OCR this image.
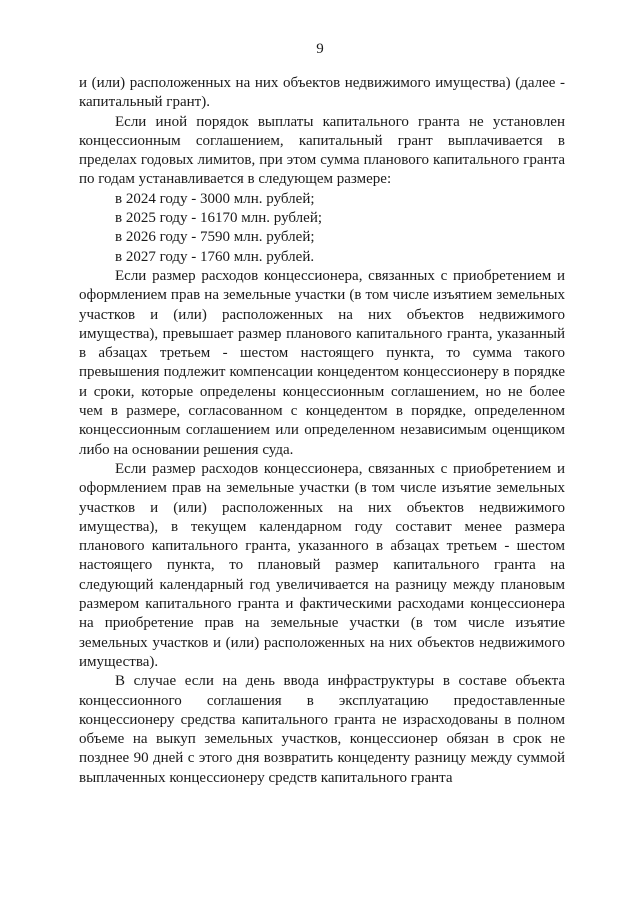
9

и (или) расположенных на них объектов недвижимого имущества) (далее - капитальный грант).

Если иной порядок выплаты капитального гранта не установлен концессионным соглашением, капитальный грант выплачивается в пределах годовых лимитов, при этом сумма планового капитального гранта по годам устанавливается в следующем размере:

в 2024 году - 3000 млн. рублей;

в 2025 году - 16170 млн. рублей;

в 2026 году - 7590 млн. рублей;

в 2027 году - 1760 млн. рублей.

Если размер расходов концессионера, связанных с приобретением и оформлением прав на земельные участки (в том числе изъятием земельных участков и (или) расположенных на них объектов недвижимого имущества), превышает размер планового капитального гранта, указанный в абзацах третьем - шестом настоящего пункта, то сумма такого превышения подлежит компенсации концедентом концессионеру в порядке и сроки, которые определены концессионным соглашением, но не более чем в размере, согласованном с концедентом в порядке, определенном концессионным соглашением или определенном независимым оценщиком либо на основании решения суда.

Если размер расходов концессионера, связанных с приобретением и оформлением прав на земельные участки (в том числе изъятие земельных участков и (или) расположенных на них объектов недвижимого имущества), в текущем календарном году составит менее размера планового капитального гранта, указанного в абзацах третьем - шестом настоящего пункта, то плановый размер капитального гранта на следующий календарный год увеличивается на разницу между плановым размером капитального гранта и фактическими расходами концессионера на приобретение прав на земельные участки (в том числе изъятие земельных участков и (или) расположенных на них объектов недвижимого имущества).

В случае если на день ввода инфраструктуры в составе объекта концессионного соглашения в эксплуатацию предоставленные концессионеру средства капитального гранта не израсходованы в полном объеме на выкуп земельных участков, концессионер обязан в срок не позднее 90 дней с этого дня возвратить концеденту разницу между суммой выплаченных концессионеру средств капитального гранта
